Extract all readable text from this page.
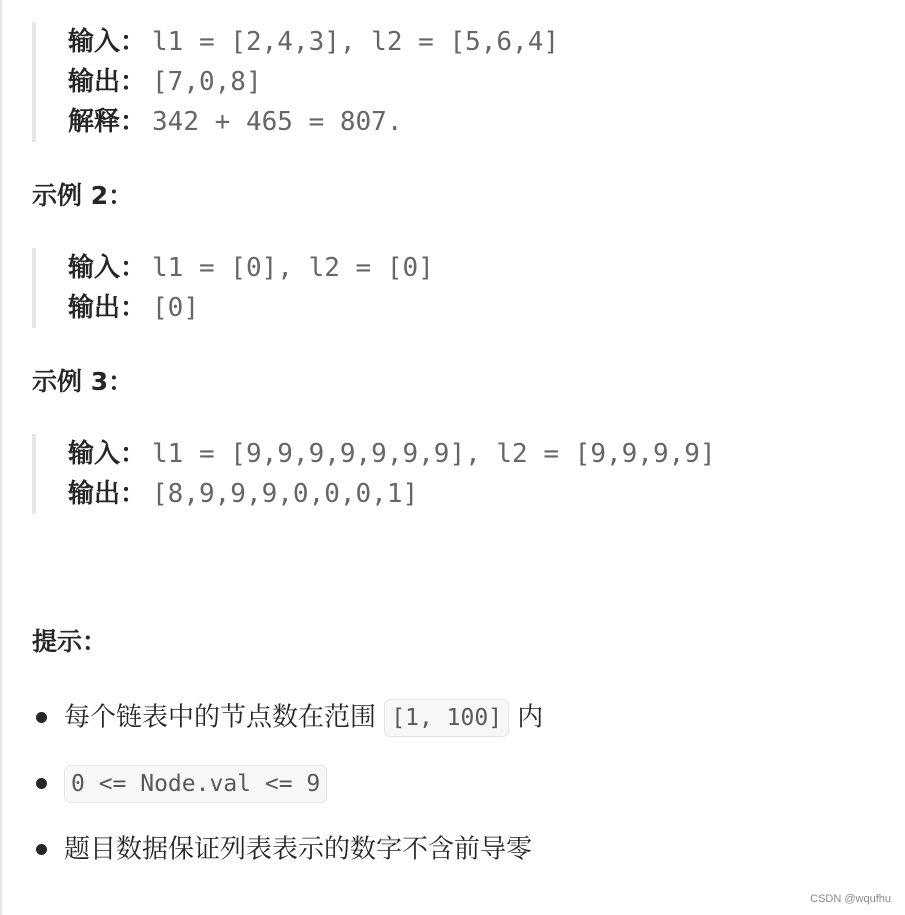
输入： l1 = [2,4,3], l2 = [5,6,4]
输出： [7,0,8]
解释： 342 + 465 = 807.
示例 2：
输入： l1 = [0], l2 = [0]
输出： [0]
示例 3：
输入： l1 = [9,9,9,9,9,9,9], l2 = [9,9,9,9]
输出： [8,9,9,9,0,0,0,1]
提示：
每个链表中的节点数在范围 [1, 100] 内
0 <= Node.val <= 9
题目数据保证列表表示的数字不含前导零
CSDN @wqufhu
